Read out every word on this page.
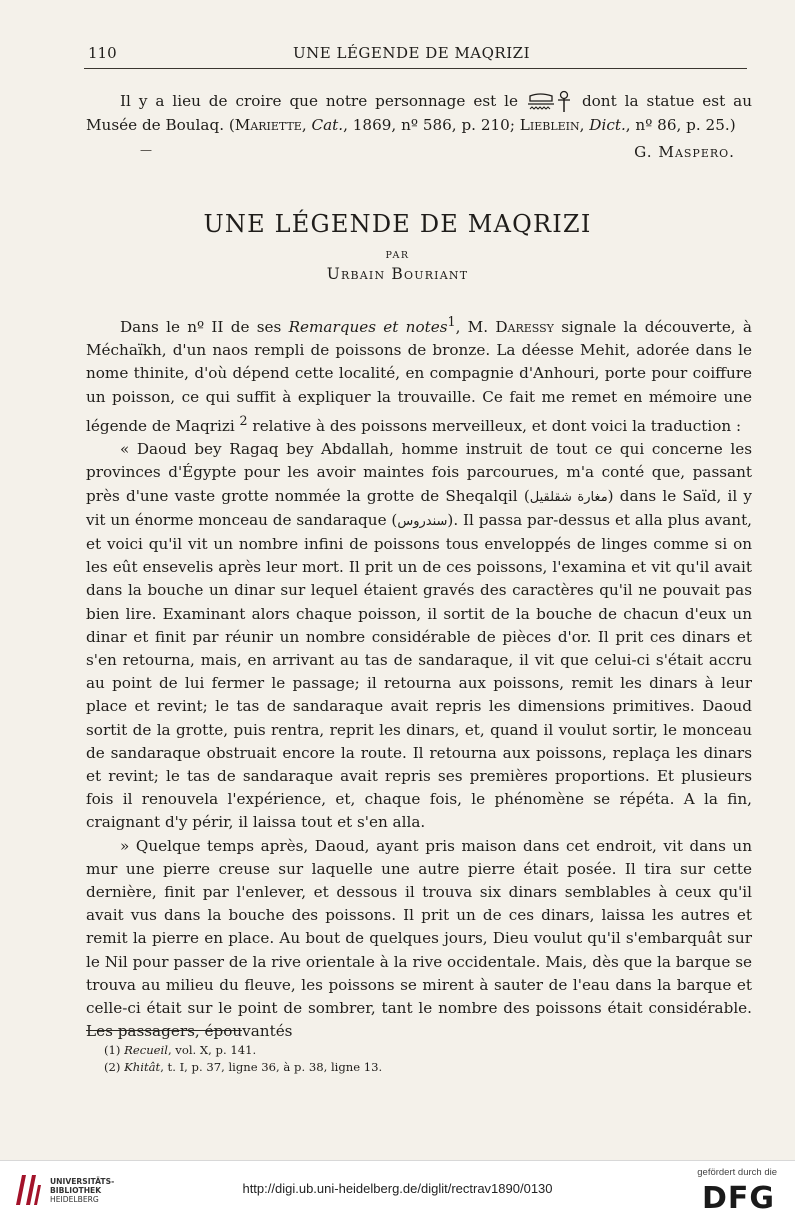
110	UNE LÉGENDE DE MAQRIZI

Il y a lieu de croire que notre personnage est le	dont la statue est au Musée de Boulaq. (Mariette, Cat., 1869, nº 586, p. 210; Lieblein, Dict., nº 86, p. 25.)

—	G. Maspero.
UNE LÉGENDE DE MAQRIZI
PAR
Urbain Bouriant

Dans le nº II de ses Remarques et notes$^1$, M. Daressy signale la découverte, à Méchaïkh, d'un naos rempli de poissons de bronze. La déesse Mehit, adorée dans le nome thinite, d'où dépend cette localité, en compagnie d'Anhouri, porte pour coiffure un poisson, ce qui suffit à expliquer la trouvaille. Ce fait me remet en mémoire une légende de Maqrizi $^2$ relative à des poissons merveilleux, et dont voici la traduction :

« Daoud bey Ragaq bey Abdallah, homme instruit de tout ce qui concerne les provinces d'Égypte pour les avoir maintes fois parcourues, m'a conté que, passant près d'une vaste grotte nommée la grotte de Sheqalqil (مغارة شقلقيل) dans le Saïd, il y vit un énorme monceau de sandaraque (سندروس). Il passa par-dessus et alla plus avant, et voici qu'il vit un nombre infini de poissons tous enveloppés de linges comme si on les eût ensevelis après leur mort. Il prit un de ces poissons, l'examina et vit qu'il avait dans la bouche un dinar sur lequel étaient gravés des caractères qu'il ne pouvait pas bien lire. Examinant alors chaque poisson, il sortit de la bouche de chacun d'eux un dinar et finit par réunir un nombre considérable de pièces d'or. Il prit ces dinars et s'en retourna, mais, en arrivant au tas de sandaraque, il vit que celui-ci s'était accru au point de lui fermer le passage; il retourna aux poissons, remit les dinars à leur place et revint; le tas de sandaraque avait repris les dimensions primitives. Daoud sortit de la grotte, puis rentra, reprit les dinars, et, quand il voulut sortir, le monceau de sandaraque obstruait encore la route. Il retourna aux poissons, replaça les dinars et revint; le tas de sandaraque avait repris ses premières proportions. Et plusieurs fois il renouvela l'expérience, et, chaque fois, le phénomène se répéta. A la fin, craignant d'y périr, il laissa tout et s'en alla.

» Quelque temps après, Daoud, ayant pris maison dans cet endroit, vit dans un mur une pierre creuse sur laquelle une autre pierre était posée. Il tira sur cette dernière, finit par l'enlever, et dessous il trouva six dinars semblables à ceux qu'il avait vus dans la bouche des poissons. Il prit un de ces dinars, laissa les autres et remit la pierre en place. Au bout de quelques jours, Dieu voulut qu'il s'embarquât sur le Nil pour passer de la rive orientale à la rive occidentale. Mais, dès que la barque se trouva au milieu du fleuve, les poissons se mirent à sauter de l'eau dans la barque et celle-ci était sur le point de sombrer, tant le nombre des poissons était considérable. Les passagers, épouvantés

(1) Recueil, vol. X, p. 141.
(2) Khitât, t. I, p. 37, ligne 36, à p. 38, ligne 13.
UNIVERSITÄTS-
BIBLIOTHEK
HEIDELBERG
http://digi.ub.uni-heidelberg.de/diglit/rectrav1890/0130
gefördert durch die
DFG
